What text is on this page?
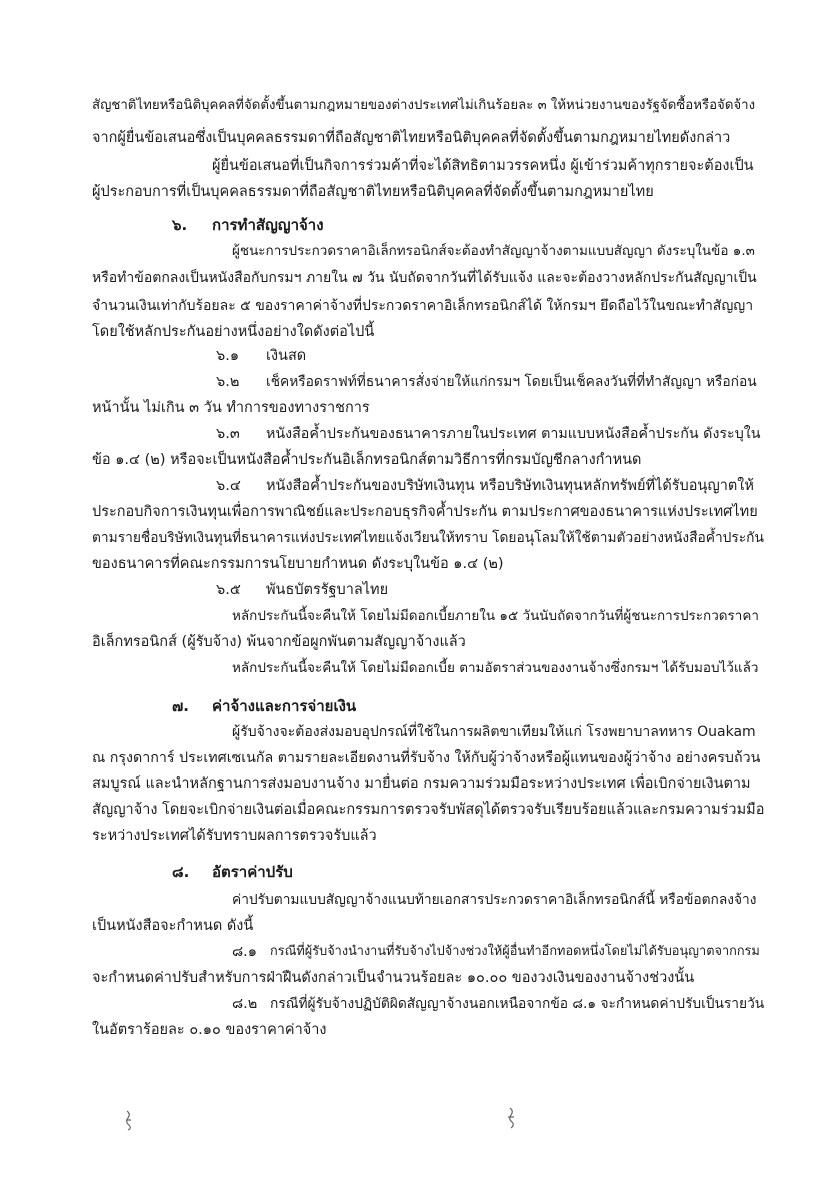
สัญชาติไทยหรือนิติบุคคลที่จัดตั้งขึ้นตามกฎหมายของต่างประเทศไม่เกินร้อยละ ๓ ให้หน่วยงานของรัฐจัดซื้อหรือจัดจ้าง

จากผู้ยื่นข้อเสนอซึ่งเป็นบุคคลธรรมดาที่ถือสัญชาติไทยหรือนิติบุคคลที่จัดตั้งขึ้นตามกฎหมายไทยดังกล่าว

ผู้ยื่นข้อเสนอที่เป็นกิจการร่วมค้าที่จะได้สิทธิตามวรรคหนึ่ง ผู้เข้าร่วมค้าทุกรายจะต้องเป็น

ผู้ประกอบการที่เป็นบุคคลธรรมดาที่ถือสัญชาติไทยหรือนิติบุคคลที่จัดตั้งขึ้นตามกฎหมายไทย

๖. การทำสัญญาจ้าง

ผู้ชนะการประกวดราคาอิเล็กทรอนิกส์จะต้องทำสัญญาจ้างตามแบบสัญญา ดังระบุในข้อ ๑.๓

หรือทำข้อตกลงเป็นหนังสือกับกรมฯ ภายใน ๗ วัน นับถัดจากวันที่ได้รับแจ้ง และจะต้องวางหลักประกันสัญญาเป็น

จำนวนเงินเท่ากับร้อยละ ๕ ของราคาค่าจ้างที่ประกวดราคาอิเล็กทรอนิกส์ได้ ให้กรมฯ ยึดถือไว้ในขณะทำสัญญา

โดยใช้หลักประกันอย่างหนึ่งอย่างใดดังต่อไปนี้

๖.๑ เงินสด
๖.๒ เช็คหรือดราฟท์ที่ธนาคารสั่งจ่ายให้แก่กรมฯ โดยเป็นเช็คลงวันที่ที่ทำสัญญา หรือก่อน

หน้านั้น ไม่เกิน ๓ วัน ทำการของทางราชการ

๖.๓ หนังสือค้ำประกันของธนาคารภายในประเทศ ตามแบบหนังสือค้ำประกัน ดังระบุใน

ข้อ ๑.๔ (๒) หรือจะเป็นหนังสือค้ำประกันอิเล็กทรอนิกส์ตามวิธีการที่กรมบัญชีกลางกำหนด

๖.๔ หนังสือค้ำประกันของบริษัทเงินทุน หรือบริษัทเงินทุนหลักทรัพย์ที่ได้รับอนุญาตให้

ประกอบกิจการเงินทุนเพื่อการพาณิชย์และประกอบธุรกิจค้ำประกัน ตามประกาศของธนาคารแห่งประเทศไทย

ตามรายชื่อบริษัทเงินทุนที่ธนาคารแห่งประเทศไทยแจ้งเวียนให้ทราบ โดยอนุโลมให้ใช้ตามตัวอย่างหนังสือค้ำประกัน

ของธนาคารที่คณะกรรมการนโยบายกำหนด ดังระบุในข้อ ๑.๔ (๒)

๖.๕ พันธบัตรรัฐบาลไทย

หลักประกันนี้จะคืนให้ โดยไม่มีดอกเบี้ยภายใน ๑๕ วันนับถัดจากวันที่ผู้ชนะการประกวดราคา

อิเล็กทรอนิกส์ (ผู้รับจ้าง) พ้นจากข้อผูกพันตามสัญญาจ้างแล้ว

หลักประกันนี้จะคืนให้ โดยไม่มีดอกเบี้ย ตามอัตราส่วนของงานจ้างซึ่งกรมฯ ได้รับมอบไว้แล้ว

๗. ค่าจ้างและการจ่ายเงิน

ผู้รับจ้างจะต้องส่งมอบอุปกรณ์ที่ใช้ในการผลิตขาเทียมให้แก่ โรงพยาบาลทหาร Ouakam

ณ กรุงดาการ์ ประเทศเซเนกัล ตามรายละเอียดงานที่รับจ้าง ให้กับผู้ว่าจ้างหรือผู้แทนของผู้ว่าจ้าง อย่างครบถ้วน

สมบูรณ์ และนำหลักฐานการส่งมอบงานจ้าง มายื่นต่อ กรมความร่วมมือระหว่างประเทศ เพื่อเบิกจ่ายเงินตาม

สัญญาจ้าง โดยจะเบิกจ่ายเงินต่อเมื่อคณะกรรมการตรวจรับพัสดุได้ตรวจรับเรียบร้อยแล้วและกรมความร่วมมือ

ระหว่างประเทศได้รับทราบผลการตรวจรับแล้ว

๘. อัตราค่าปรับ

ค่าปรับตามแบบสัญญาจ้างแนบท้ายเอกสารประกวดราคาอิเล็กทรอนิกส์นี้ หรือข้อตกลงจ้าง

เป็นหนังสือจะกำหนด ดังนี้

๘.๑ กรณีที่ผู้รับจ้างนำงานที่รับจ้างไปจ้างช่วงให้ผู้อื่นทำอีกทอดหนึ่งโดยไม่ได้รับอนุญาตจากกรม

จะกำหนดค่าปรับสำหรับการฝ่าฝืนดังกล่าวเป็นจำนวนร้อยละ ๑๐.๐๐ ของวงเงินของงานจ้างช่วงนั้น

๘.๒ กรณีที่ผู้รับจ้างปฏิบัติผิดสัญญาจ้างนอกเหนือจากข้อ ๘.๑ จะกำหนดค่าปรับเป็นรายวัน

ในอัตราร้อยละ ๐.๑๐ ของราคาค่าจ้าง
